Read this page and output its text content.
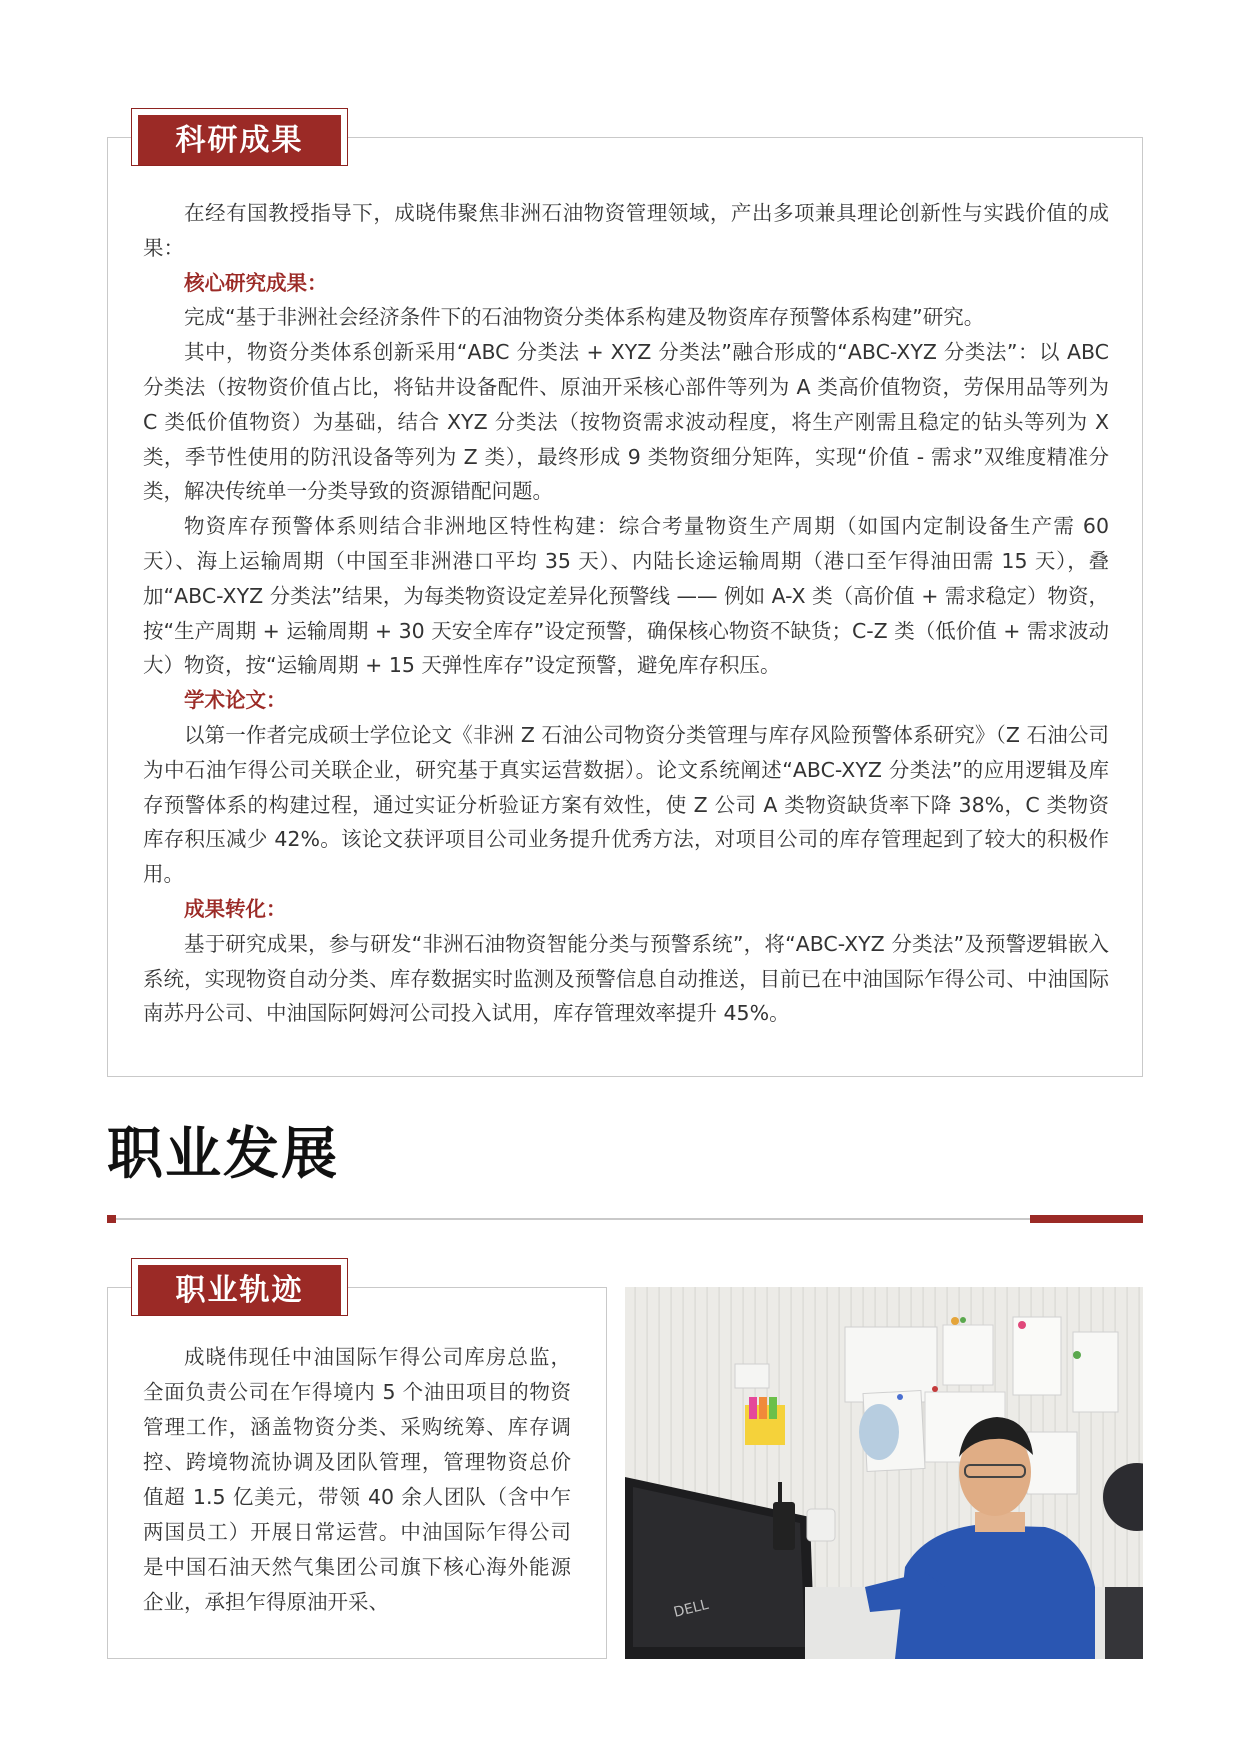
科研成果

在经有国教授指导下，成晓伟聚焦非洲石油物资管理领域，产出多项兼具理论创新性与实践价值的成果：

核心研究成果：

完成“基于非洲社会经济条件下的石油物资分类体系构建及物资库存预警体系构建”研究。

其中，物资分类体系创新采用“ABC 分类法 + XYZ 分类法”融合形成的“ABC-XYZ 分类法”：以 ABC 分类法（按物资价值占比，将钻井设备配件、原油开采核心部件等列为 A 类高价值物资，劳保用品等列为 C 类低价值物资）为基础，结合 XYZ 分类法（按物资需求波动程度，将生产刚需且稳定的钻头等列为 X 类，季节性使用的防汛设备等列为 Z 类），最终形成 9 类物资细分矩阵，实现“价值 - 需求”双维度精准分类，解决传统单一分类导致的资源错配问题。

物资库存预警体系则结合非洲地区特性构建：综合考量物资生产周期（如国内定制设备生产需 60 天）、海上运输周期（中国至非洲港口平均 35 天）、内陆长途运输周期（港口至乍得油田需 15 天），叠加“ABC-XYZ 分类法”结果，为每类物资设定差异化预警线 —— 例如 A-X 类（高价值 + 需求稳定）物资，按“生产周期 + 运输周期 + 30 天安全库存”设定预警，确保核心物资不缺货；C-Z 类（低价值 + 需求波动大）物资，按“运输周期 + 15 天弹性库存”设定预警，避免库存积压。

学术论文：

以第一作者完成硕士学位论文《非洲 Z 石油公司物资分类管理与库存风险预警体系研究》（Z 石油公司为中石油乍得公司关联企业，研究基于真实运营数据）。论文系统阐述“ABC-XYZ 分类法”的应用逻辑及库存预警体系的构建过程，通过实证分析验证方案有效性，使 Z 公司 A 类物资缺货率下降 38%，C 类物资库存积压减少 42%。该论文获评项目公司业务提升优秀方法，对项目公司的库存管理起到了较大的积极作用。

成果转化：

基于研究成果，参与研发“非洲石油物资智能分类与预警系统”，将“ABC-XYZ 分类法”及预警逻辑嵌入系统，实现物资自动分类、库存数据实时监测及预警信息自动推送，目前已在中油国际乍得公司、中油国际南苏丹公司、中油国际阿姆河公司投入试用，库存管理效率提升 45%。

职业发展
职业轨迹

成晓伟现任中油国际乍得公司库房总监，全面负责公司在乍得境内 5 个油田项目的物资管理工作，涵盖物资分类、采购统筹、库存调控、跨境物流协调及团队管理，管理物资总价值超 1.5 亿美元，带领 40 余人团队（含中乍两国员工）开展日常运营。中油国际乍得公司是中国石油天然气集团公司旗下核心海外能源企业，承担乍得原油开采、	DELL
